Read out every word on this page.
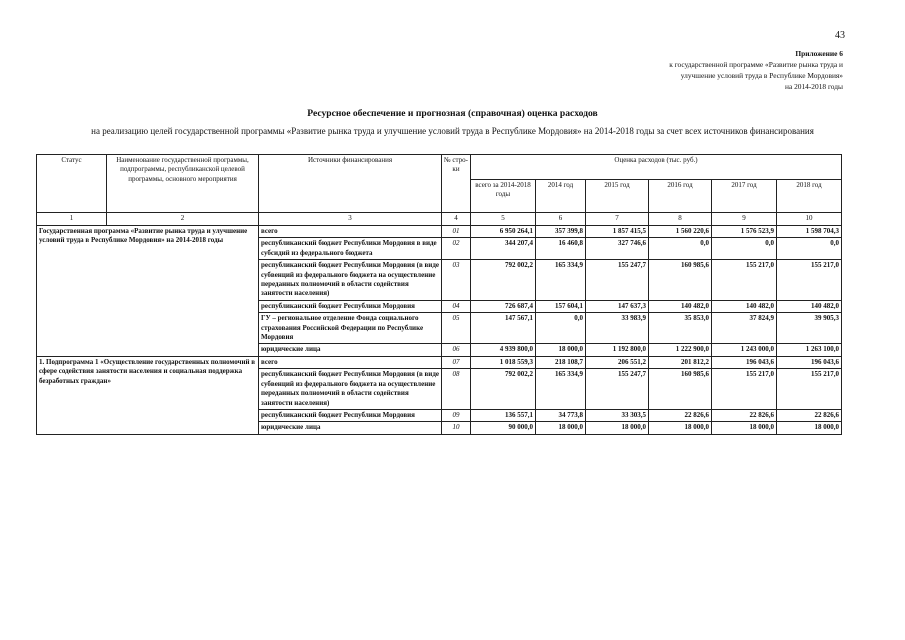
43
Приложение 6
к государственной программе «Развитие рынка труда и
улучшение условий труда в Республике Мордовия»
на 2014-2018 годы
Ресурсное обеспечение и прогнозная (справочная) оценка расходов
на реализацию целей государственной программы «Развитие рынка труда и улучшение условий труда в Республике Мордовия» на 2014-2018 годы за счет всех источников финансирования
Статус	Наименование государственной программы, подпрограммы, республиканской целевой программы, основного мероприятия	Источники финансирования	№ стро-ки	Оценка расходов (тыс. руб.)					
				всего за 2014-2018 годы	2014 год	2015 год	2016 год	2017 год	2018 год
1	2	3	4	5	6	7	8	9	10
Государственная программа «Развитие рынка труда и улучшение условий труда в Республике Мордовия» на 2014-2018 годы		всего	01	6 950 264,1	357 399,8	1 857 415,5	1 560 220,6	1 576 523,9	1 598 704,3
		республиканский бюджет Республики Мордовия в виде субсидий из федерального бюджета	02	344 207,4	16 460,8	327 746,6	0,0	0,0	0,0
		республиканский бюджет Республики Мордовия (в виде субвенций из федерального бюджета на осуществление переданных полномочий в области содействия занятости населения)	03	792 002,2	165 334,9	155 247,7	160 985,6	155 217,0	155 217,0
		республиканский бюджет Республики Мордовия	04	726 687,4	157 604,1	147 637,3	140 482,0	140 482,0	140 482,0
		ГУ – региональное отделение Фонда социального страхования Российской Федерации по Республике Мордовия	05	147 567,1	0,0	33 983,9	35 853,0	37 824,9	39 905,3
		юридические лица	06	4 939 800,0	18 000,0	1 192 800,0	1 222 900,0	1 243 000,0	1 263 100,0
1. Подпрограмма 1 «Осуществление государственных полномочий в сфере содействия занятости населения и социальная поддержка безработных граждан»		всего	07	1 018 559,3	218 108,7	206 551,2	201 812,2	196 043,6	196 043,6
		республиканский бюджет Республики Мордовия (в виде субвенций из федерального бюджета на осуществление переданных полномочий в области содействия занятости населения)	08	792 002,2	165 334,9	155 247,7	160 985,6	155 217,0	155 217,0
		республиканский бюджет Республики Мордовия	09	136 557,1	34 773,8	33 303,5	22 826,6	22 826,6	22 826,6
		юридические лица	10	90 000,0	18 000,0	18 000,0	18 000,0	18 000,0	18 000,0
